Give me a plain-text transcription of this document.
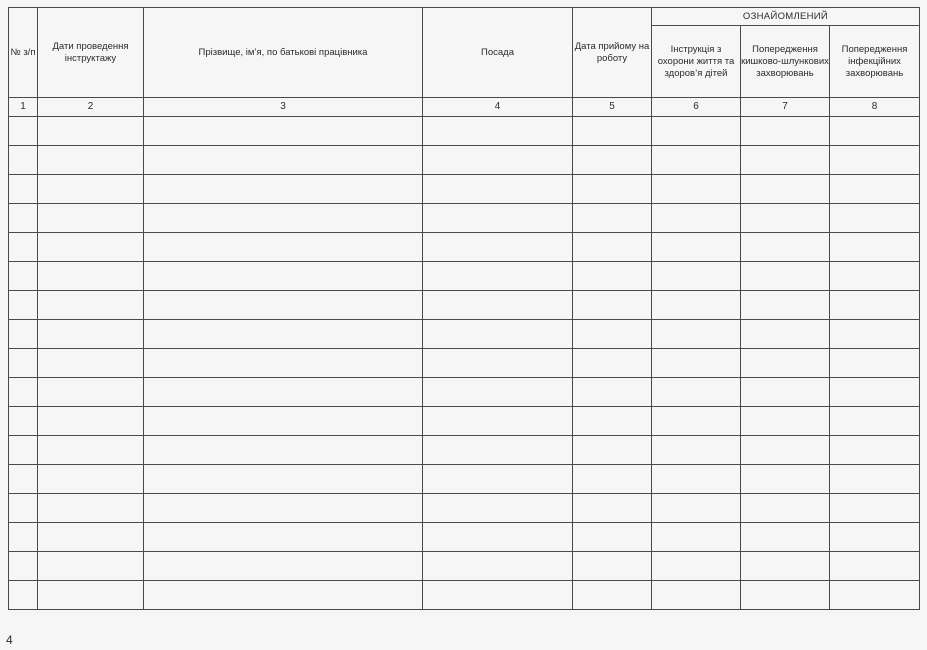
№ з/п	Дати проведення інструктажу	Прізвище, ім’я, по батькові працівника	Посада	Дата прийому на роботу	ОЗНАЙОМЛЕНИЙ		
					Інструкція з охорони життя та здоров’я дітей	Попередження кишково-шлункових захворювань	Попередження інфекційних захворювань
1	2	3	4	5	6	7	8

4
